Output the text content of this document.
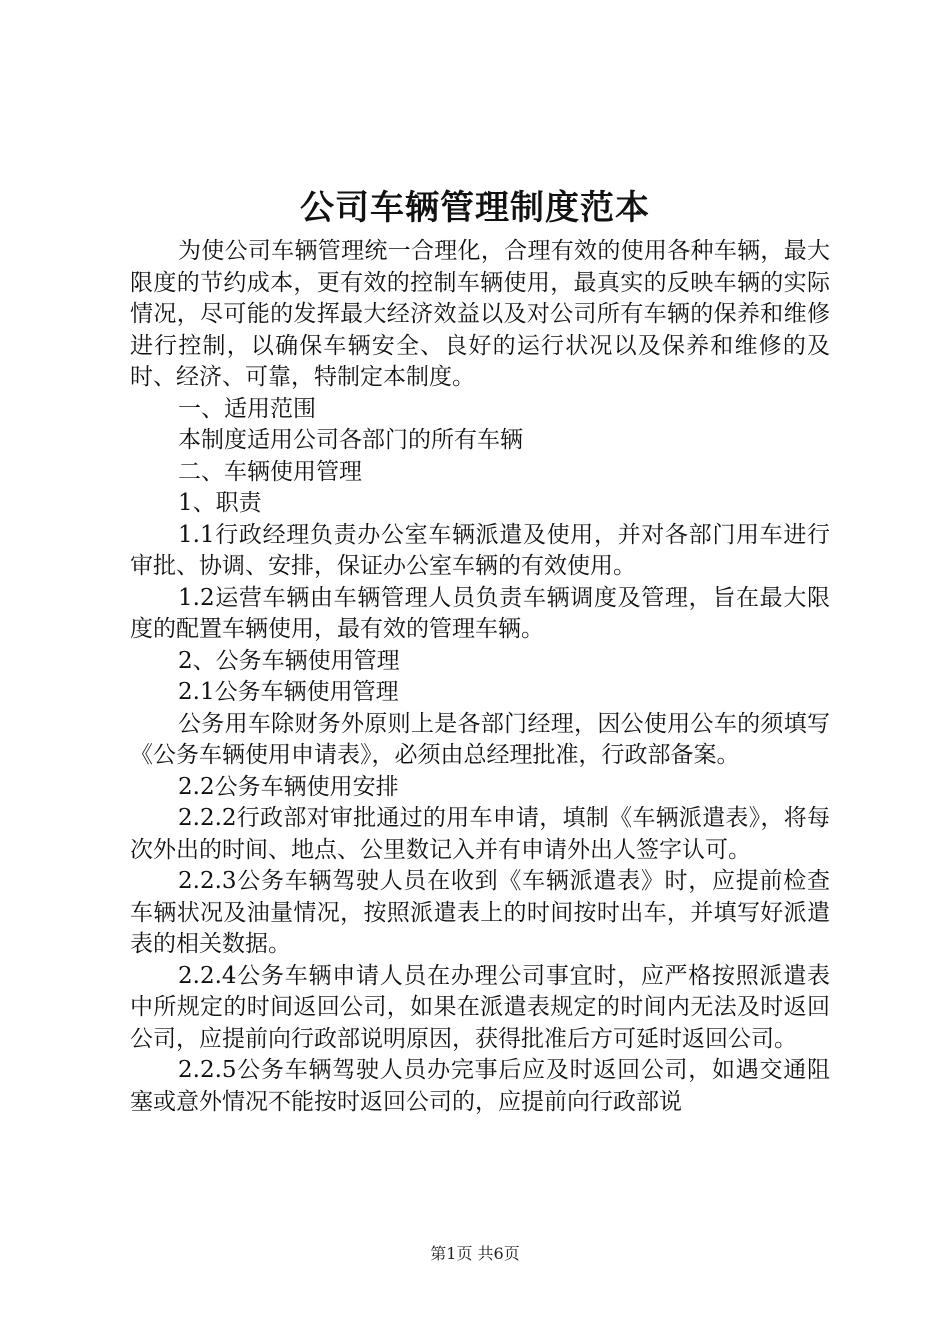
公司车辆管理制度范本

为使公司车辆管理统一合理化，合理有效的使用各种车辆，最大限度的节约成本，更有效的控制车辆使用，最真实的反映车辆的实际情况，尽可能的发挥最大经济效益以及对公司所有车辆的保养和维修进行控制，以确保车辆安全、良好的运行状况以及保养和维修的及时、经济、可靠，特制定本制度。

一、适用范围

本制度适用公司各部门的所有车辆

二、车辆使用管理

1、职责

1.1行政经理负责办公室车辆派遣及使用，并对各部门用车进行审批、协调、安排，保证办公室车辆的有效使用。

1.2运营车辆由车辆管理人员负责车辆调度及管理，旨在最大限度的配置车辆使用，最有效的管理车辆。

2、公务车辆使用管理

2.1公务车辆使用管理

公务用车除财务外原则上是各部门经理，因公使用公车的须填写《公务车辆使用申请表》，必须由总经理批准，行政部备案。

2.2公务车辆使用安排

2.2.2行政部对审批通过的用车申请，填制《车辆派遣表》，将每次外出的时间、地点、公里数记入并有申请外出人签字认可。

2.2.3公务车辆驾驶人员在收到《车辆派遣表》时，应提前检查车辆状况及油量情况，按照派遣表上的时间按时出车，并填写好派遣表的相关数据。

2.2.4公务车辆申请人员在办理公司事宜时，应严格按照派遣表中所规定的时间返回公司，如果在派遣表规定的时间内无法及时返回公司，应提前向行政部说明原因，获得批准后方可延时返回公司。

2.2.5公务车辆驾驶人员办完事后应及时返回公司，如遇交通阻塞或意外情况不能按时返回公司的，应提前向行政部说

第1页 共6页
